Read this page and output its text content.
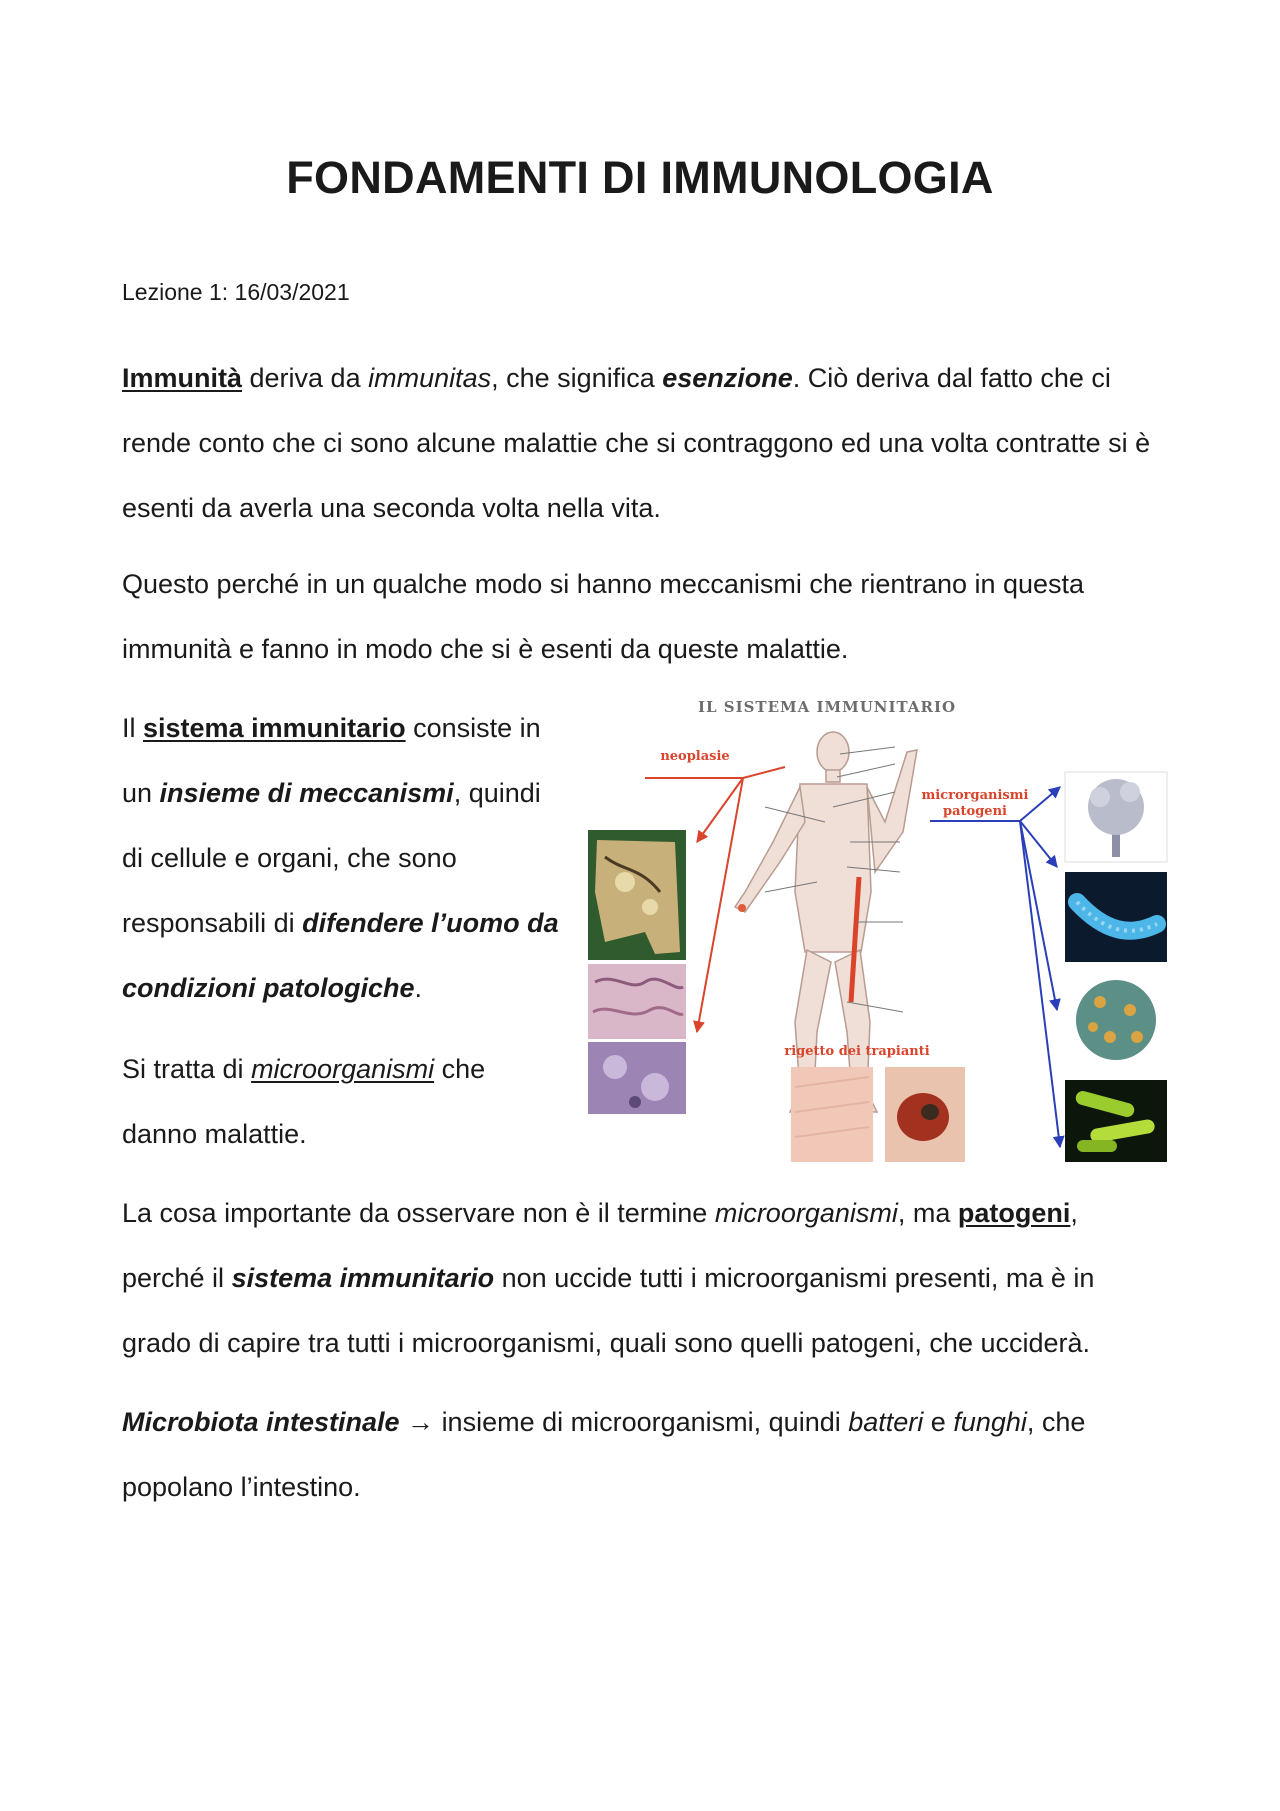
FONDAMENTI DI IMMUNOLOGIA
Lezione 1: 16/03/2021

Immunità deriva da immunitas, che significa esenzione. Ciò deriva dal fatto che ci rende conto che ci sono alcune malattie che si contraggono ed una volta contratte si è esenti da averla una seconda volta nella vita.

Questo perché in un qualche modo si hanno meccanismi che rientrano in questa immunità e fanno in modo che si è esenti da queste malattie.

Il sistema immunitario consiste in un insieme di meccanismi, quindi di cellule e organi, che sono responsabili di difendere l’uomo da condizioni patologiche.

Si tratta di microorganismi che danno malattie.

La cosa importante da osservare non è il termine microorganismi, ma patogeni, perché il sistema immunitario non uccide tutti i microorganismi presenti, ma è in grado di capire tra tutti i microorganismi, quali sono quelli patogeni, che ucciderà.

Microbiota intestinale → insieme di microorganismi, quindi batteri e funghi, che popolano l’intestino.

IL SISTEMA IMMUNITARIO
neoplasie
microrganismi
patogeni
rigetto dei trapianti
